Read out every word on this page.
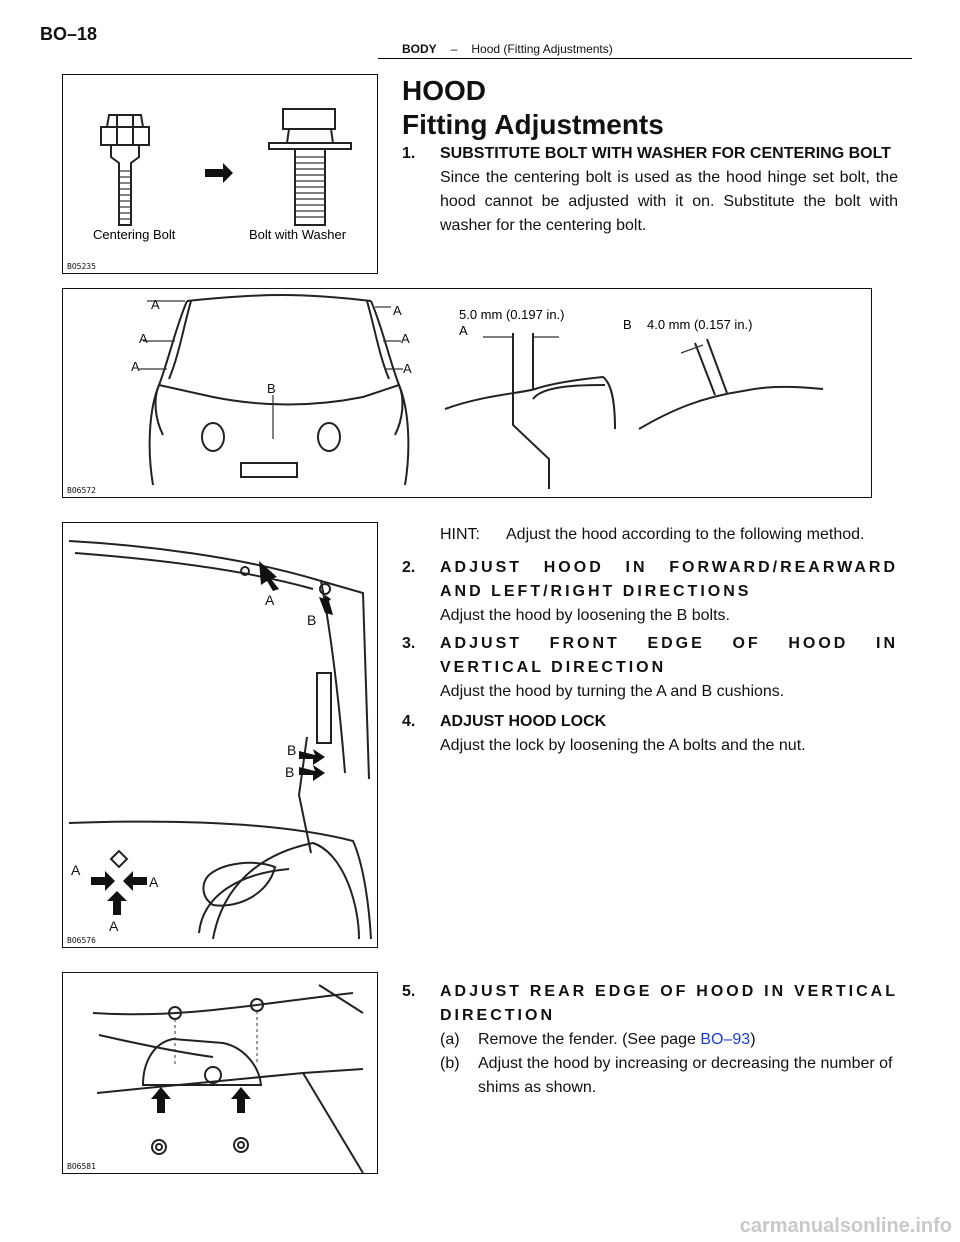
BO–18
BODY – Hood (Fitting Adjustments)
Centering Bolt	Bolt with Washer
BO5235
HOOD
Fitting Adjustments
1.	SUBSTITUTE BOLT WITH WASHER FOR CENTERING BOLT
Since the centering bolt is used as the hood hinge set bolt, the hood cannot be adjusted with it on. Substitute the bolt with washer for the centering bolt.
A
A
A
A
A
A
B
5.0 mm (0.197 in.)
A	B 4.0 mm (0.157 in.)
BO6572
HINT: Adjust the hood according to the following method.
A
B
B
B
A
A
A
BO6576
2.	ADJUST HOOD IN FORWARD/REARWARD AND LEFT/RIGHT DIRECTIONS
Adjust the hood by loosening the B bolts.
3.	ADJUST FRONT EDGE OF HOOD IN VERTICAL DIRECTION
Adjust the hood by turning the A and B cushions.
4.	ADJUST HOOD LOCK
Adjust the lock by loosening the A bolts and the nut.
BO6581
5.	ADJUST REAR EDGE OF HOOD IN VERTICAL DIRECTION
(a) Remove the fender. (See page BO–93)
(b) Adjust the hood by increasing or decreasing the number of shims as shown.
carmanualsonline.info
